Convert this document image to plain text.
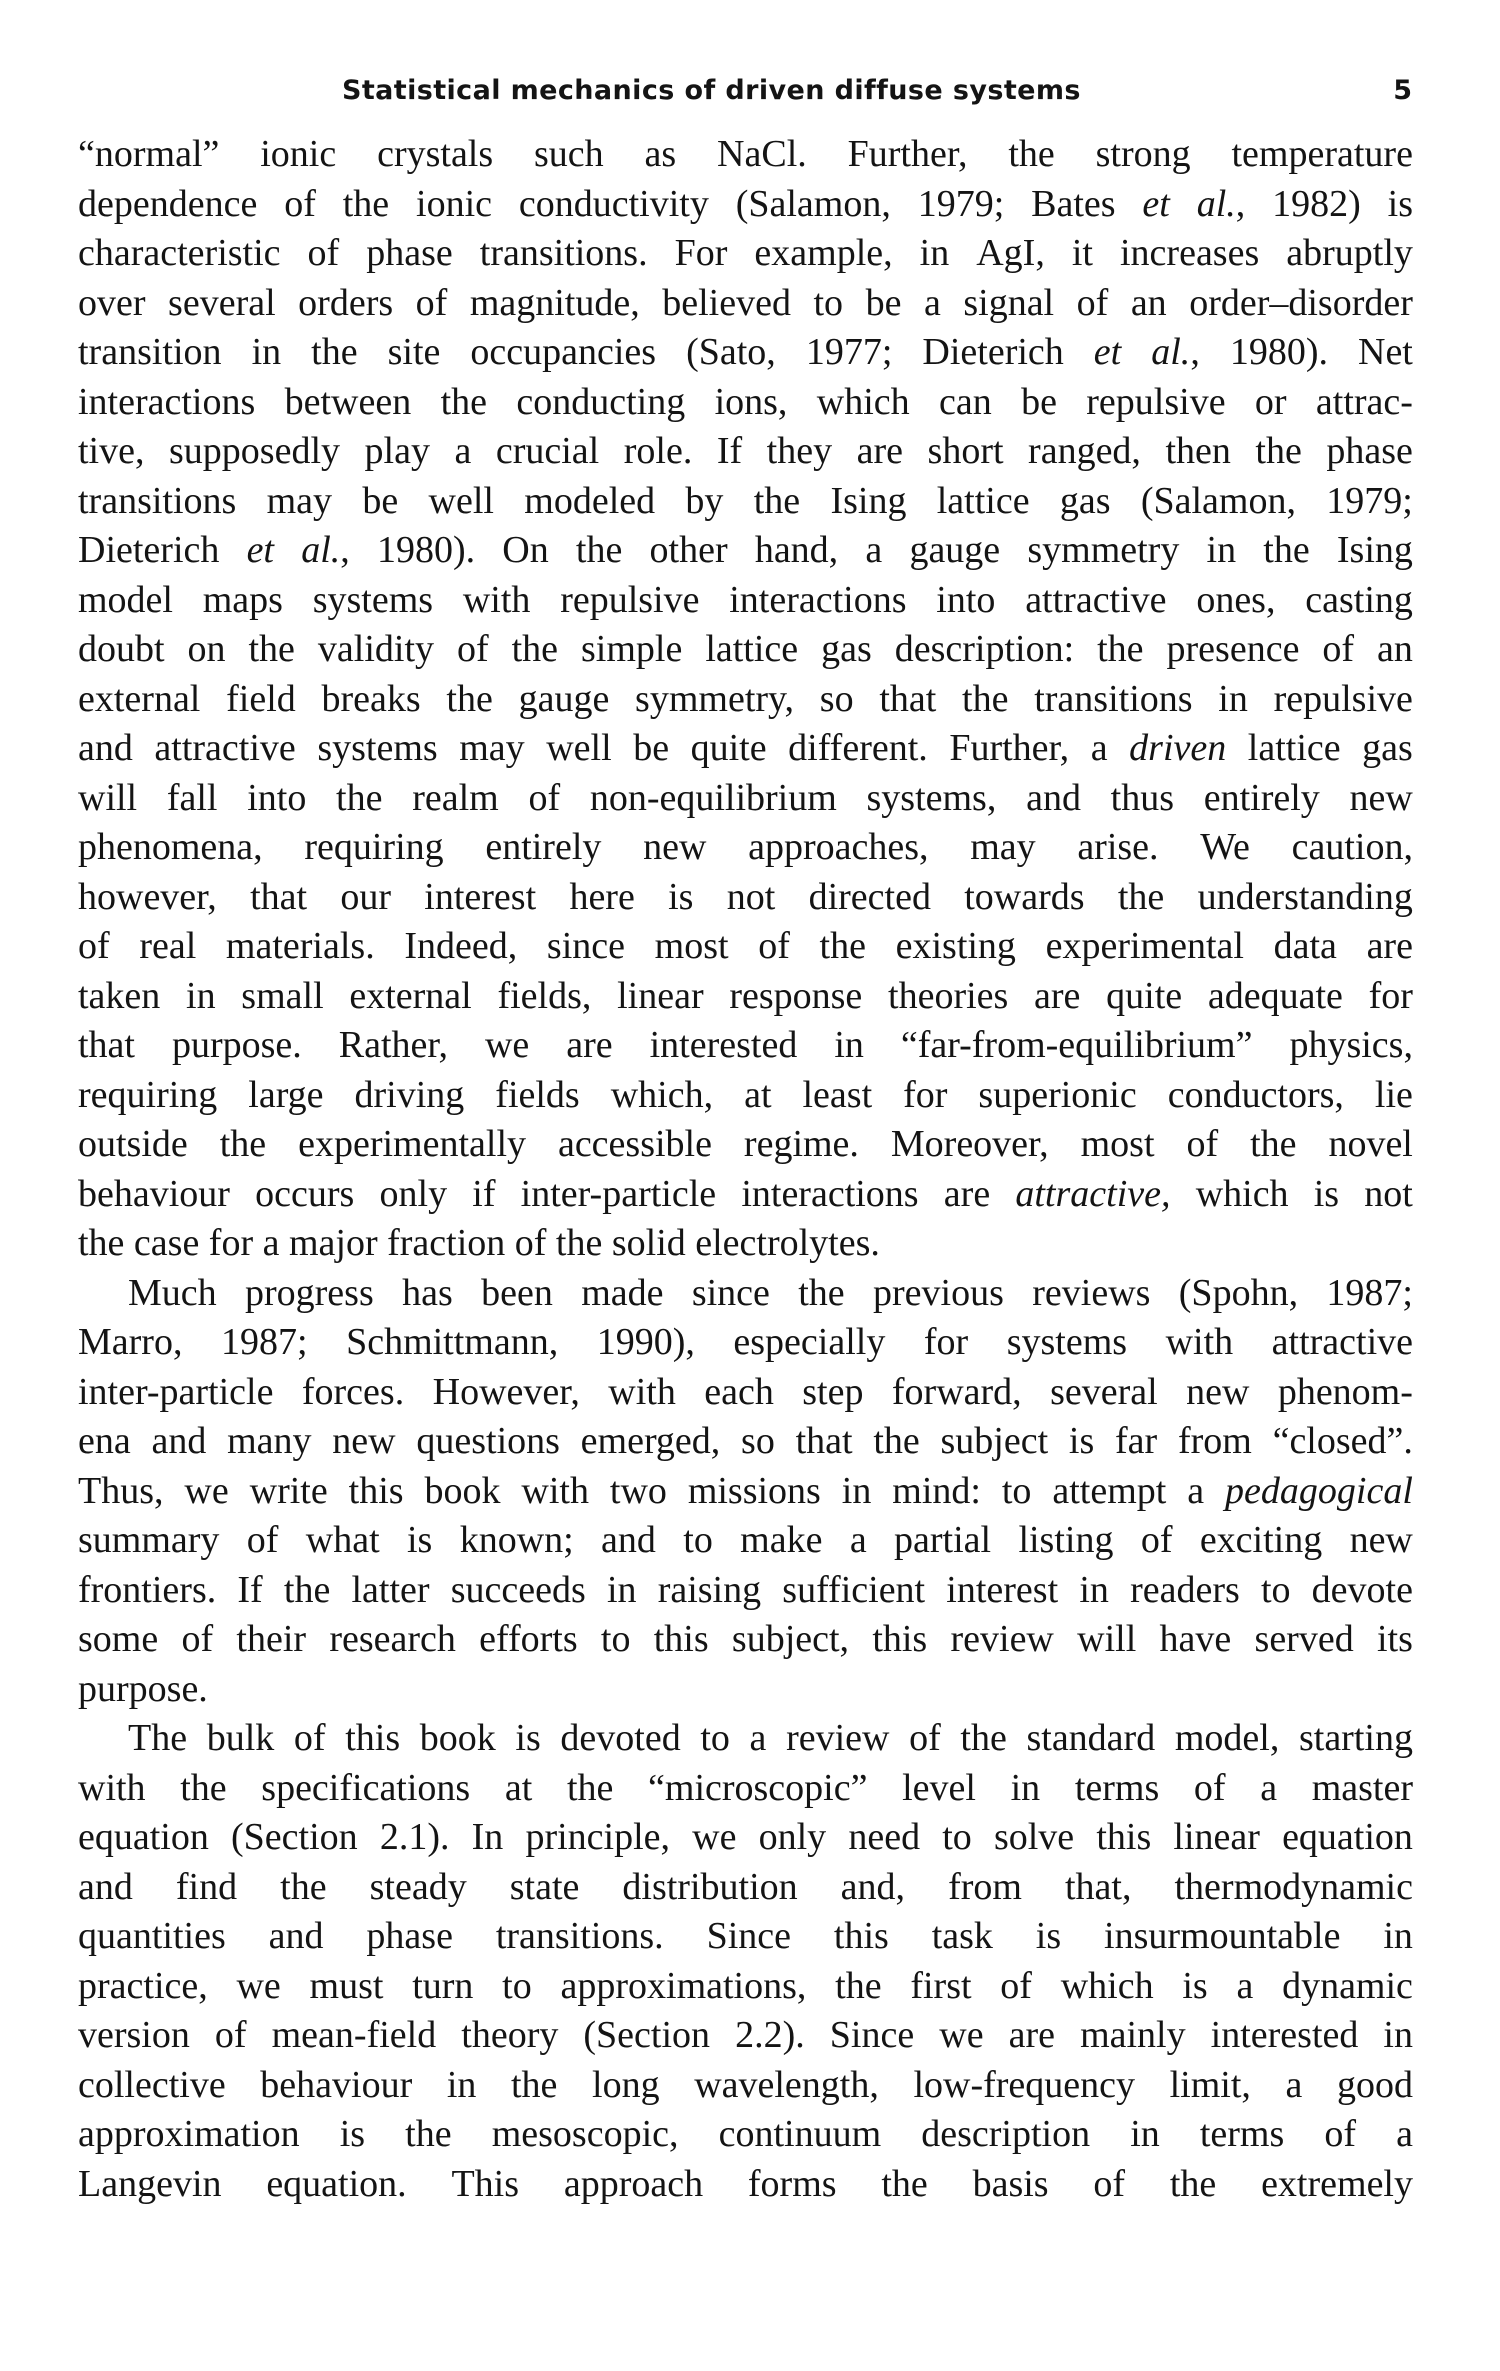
Statistical mechanics of driven diffuse systems	5
“normal” ionic crystals such as NaCl. Further, the strong temperature
dependence of the ionic conductivity (Salamon, 1979; Bates et al., 1982) is
characteristic of phase transitions. For example, in AgI, it increases abruptly
over several orders of magnitude, believed to be a signal of an order–disorder
transition in the site occupancies (Sato, 1977; Dieterich et al., 1980). Net
interactions between the conducting ions, which can be repulsive or attrac-
tive, supposedly play a crucial role. If they are short ranged, then the phase
transitions may be well modeled by the Ising lattice gas (Salamon, 1979;
Dieterich et al., 1980). On the other hand, a gauge symmetry in the Ising
model maps systems with repulsive interactions into attractive ones, casting
doubt on the validity of the simple lattice gas description: the presence of an
external field breaks the gauge symmetry, so that the transitions in repulsive
and attractive systems may well be quite different. Further, a driven lattice gas
will fall into the realm of non-equilibrium systems, and thus entirely new
phenomena, requiring entirely new approaches, may arise. We caution,
however, that our interest here is not directed towards the understanding
of real materials. Indeed, since most of the existing experimental data are
taken in small external fields, linear response theories are quite adequate for
that purpose. Rather, we are interested in “far-from-equilibrium” physics,
requiring large driving fields which, at least for superionic conductors, lie
outside the experimentally accessible regime. Moreover, most of the novel
behaviour occurs only if inter-particle interactions are attractive, which is not
the case for a major fraction of the solid electrolytes.
Much progress has been made since the previous reviews (Spohn, 1987;
Marro, 1987; Schmittmann, 1990), especially for systems with attractive
inter-particle forces. However, with each step forward, several new phenom-
ena and many new questions emerged, so that the subject is far from “closed”.
Thus, we write this book with two missions in mind: to attempt a pedagogical
summary of what is known; and to make a partial listing of exciting new
frontiers. If the latter succeeds in raising sufficient interest in readers to devote
some of their research efforts to this subject, this review will have served its
purpose.
The bulk of this book is devoted to a review of the standard model, starting
with the specifications at the “microscopic” level in terms of a master
equation (Section 2.1). In principle, we only need to solve this linear equation
and find the steady state distribution and, from that, thermodynamic
quantities and phase transitions. Since this task is insurmountable in
practice, we must turn to approximations, the first of which is a dynamic
version of mean-field theory (Section 2.2). Since we are mainly interested in
collective behaviour in the long wavelength, low-frequency limit, a good
approximation is the mesoscopic, continuum description in terms of a
Langevin equation. This approach forms the basis of the extremely
